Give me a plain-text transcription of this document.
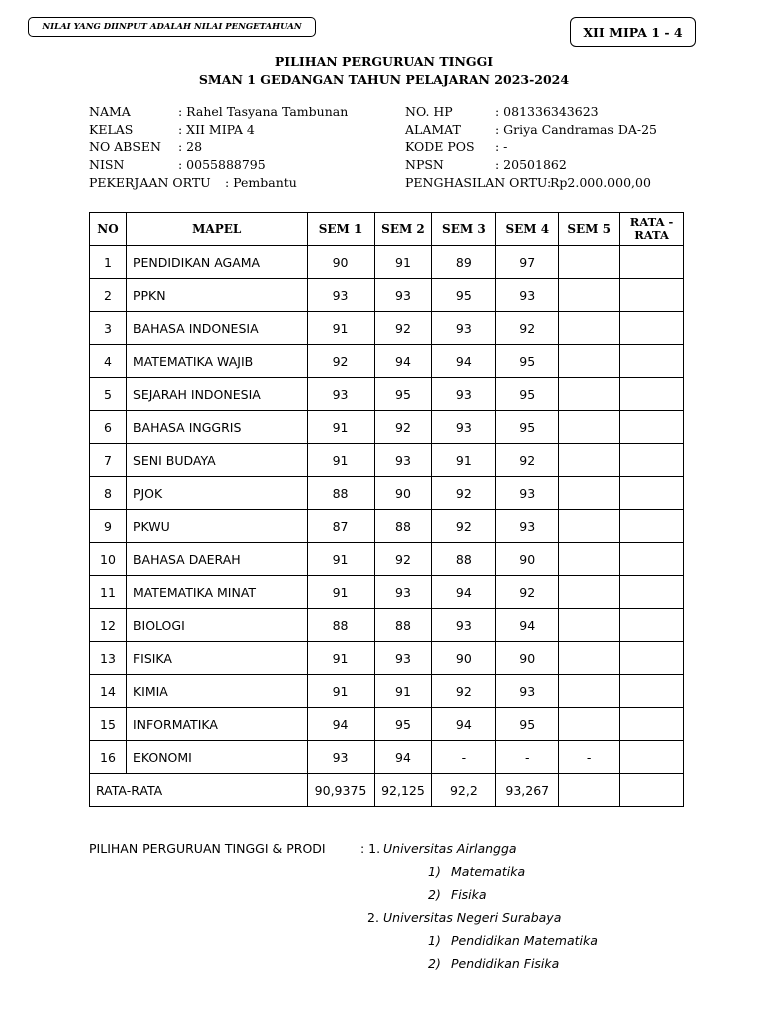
NILAI YANG DIINPUT ADALAH NILAI PENGETAHUAN	XII MIPA 1 - 4
PILIHAN PERGURUAN TINGGI
SMAN 1 GEDANGAN TAHUN PELAJARAN 2023-2024
NAMA	: Rahel Tasyana Tambunan
KELAS	: XII MIPA 4
NO ABSEN : 28
NISN	: 0055888795
PEKERJAAN ORTU : Pembantu
NO. HP	: 081336343623
ALAMAT	: Griya Candramas DA-25
KODE POS : -
NPSN	: 20501862
PENGHASILAN ORTU:
Rp2.000.000,00
NO	MAPEL	SEM 1	SEM 2	SEM 3	SEM 4	SEM 5	RATA -
RATA

1	PENDIDIKAN AGAMA	90	91	89	97		
2	PPKN	93	93	95	93		
3	BAHASA INDONESIA	91	92	93	92		
4	MATEMATIKA WAJIB	92	94	94	95		
5	SEJARAH INDONESIA	93	95	93	95		
6	BAHASA INGGRIS	91	92	93	95		
7	SENI BUDAYA	91	93	91	92		
8	PJOK	88	90	92	93		
9	PKWU	87	88	92	93		
10	BAHASA DAERAH	91	92	88	90		
11	MATEMATIKA MINAT	91	93	94	92		
12	BIOLOGI	88	88	93	94		
13	FISIKA	91	93	90	90		
14	KIMIA	91	91	92	93		
15	INFORMATIKA	94	95	94	95		
16	EKONOMI	93	94	-	-	-	
RATA-RATA		90,9375	92,125	92,2	93,267		
PILIHAN PERGURUAN TINGGI & PRODI	: 1. Universitas Airlangga
1) Matematika
2) Fisika
2. Universitas Negeri Surabaya
1) Pendidikan Matematika
2) Pendidikan Fisika
